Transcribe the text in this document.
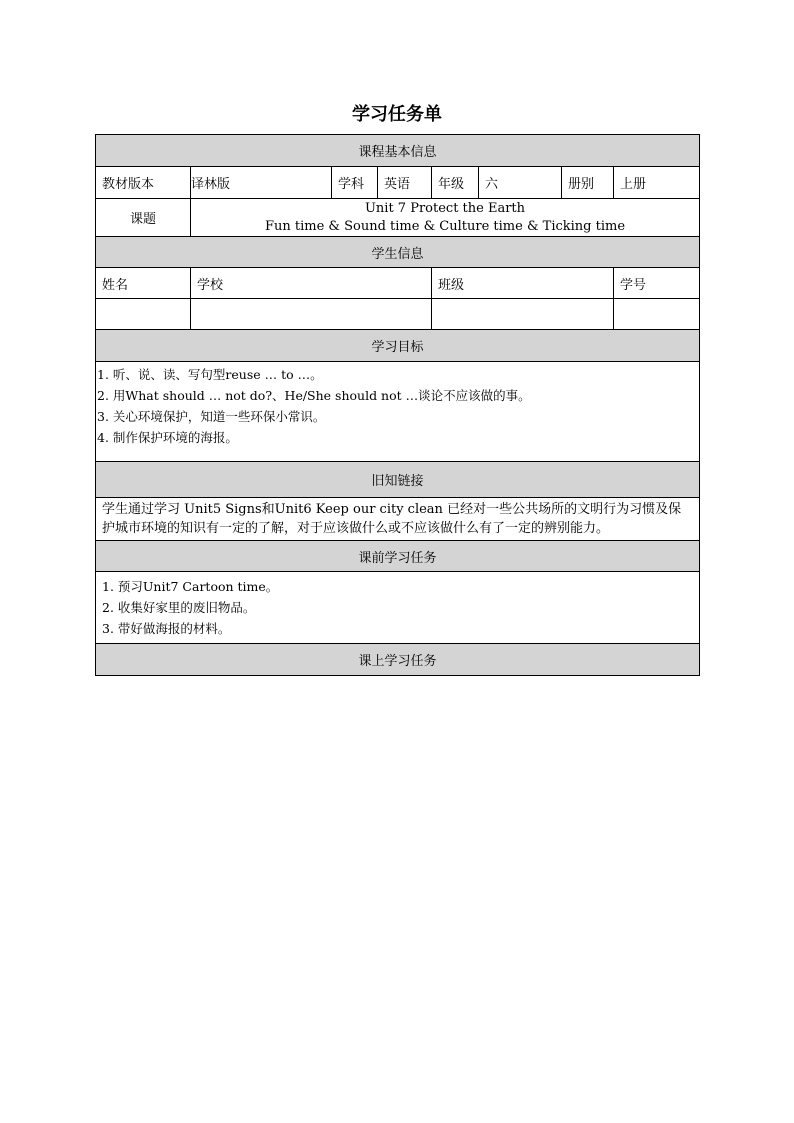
学习任务单
课程基本信息							
教材版本	译林版	学科	英语	年级	六	册别	上册
课题	Unit 7 Protect the Earth
Fun time & Sound time & Culture time & Ticking time						

学生信息							
姓名	学校			班级			学号

学习目标							

1. 听、说、读、写句型reuse … to …。
2. 用What should … not do?、He/She should not …谈论不应该做的事。
3. 关心环境保护，知道一些环保小常识。
4. 制作保护环境的海报。							

旧知链接							
学生通过学习 Unit5 Signs和Unit6 Keep our city clean 已经对一些公共场所的文明行为习惯及保护城市环境的知识有一定的了解，对于应该做什么或不应该做什么有了一定的辨别能力。							
课前学习任务							

1. 预习Unit7 Cartoon time。
2. 收集好家里的废旧物品。
3. 带好做海报的材料。							

课上学习任务							
